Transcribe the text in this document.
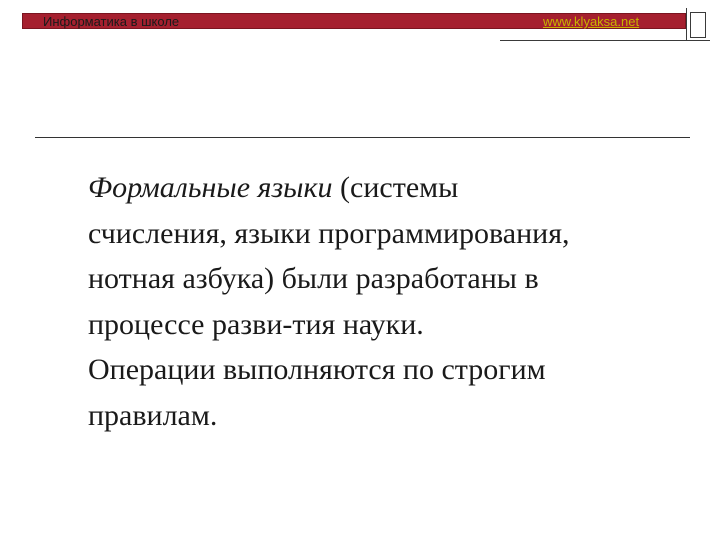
Информатика в школе	www.klyaksa.net
Формальные языки (системы
счисления, языки программирования,
нотная азбука) были разработаны в
процессе разви-тия науки.
Операции выполняются по строгим
правилам.
